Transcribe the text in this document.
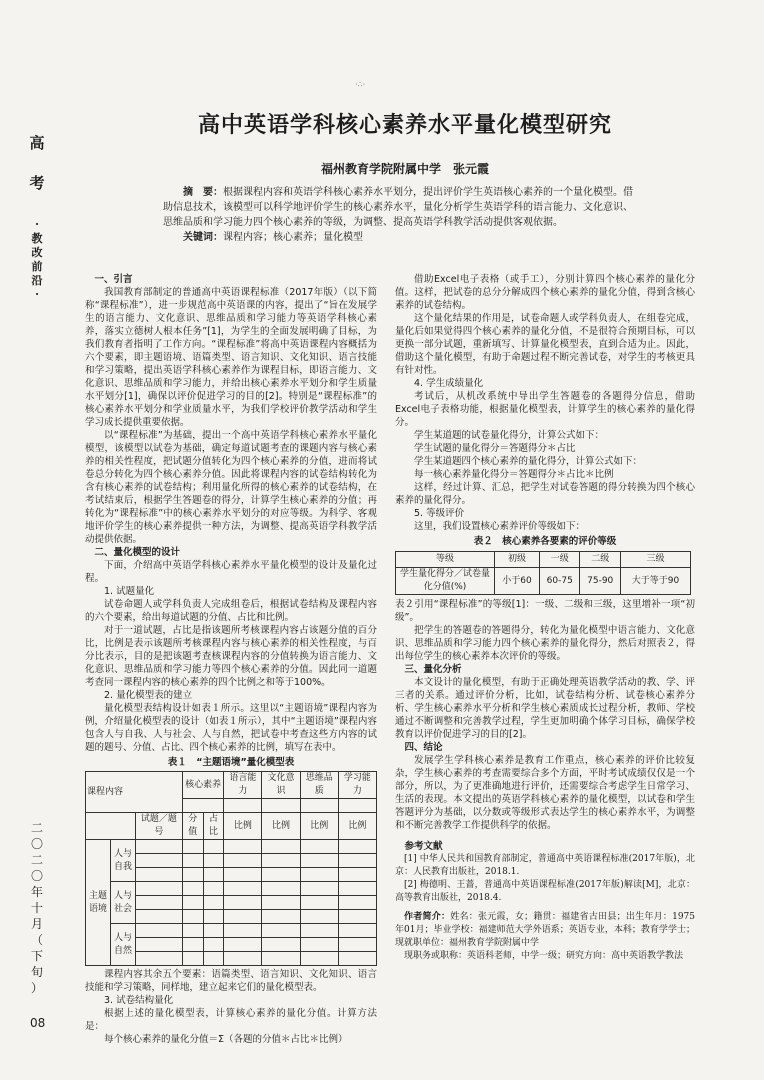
高
考
·
教
改
前
沿
·
二
〇
二
〇
年
十
月
（
下
旬
）
08
·∴·
高中英语学科核心素养水平量化模型研究
福州教育学院附属中学　张元霞
摘　要：根据课程内容和英语学科核心素养水平划分，提出评价学生英语核心素养的一个量化模型。借助信息技术，该模型可以科学地评价学生的核心素养水平，量化分析学生英语学科的语言能力、文化意识、思维品质和学习能力四个核心素养的等级，为调整、提高英语学科教学活动提供客观依据。
关键词：课程内容；核心素养；量化模型

一、引言

我国教育部制定的普通高中英语课程标准（2017年版）（以下简称“课程标准”），进一步规范高中英语课的内容，提出了“旨在发展学生的语言能力、文化意识、思维品质和学习能力等英语学科核心素养，落实立德树人根本任务”[1]，为学生的全面发展明确了目标，为我们教育者指明了工作方向。“课程标准”将高中英语课程内容概括为六个要素，即主题语境、语篇类型、语言知识、文化知识、语言技能和学习策略，提出英语学科核心素养作为课程目标，即语言能力、文化意识、思维品质和学习能力，并给出核心素养水平划分和学生质量水平划分[1]，确保以评价促进学习的目的[2]。特别是“课程标准”的核心素养水平划分和学业质量水平，为我们学校评价教学活动和学生学习成长提供重要依据。

以“课程标准”为基础，提出一个高中英语学科核心素养水平量化模型，该模型以试卷为基础，确定每道试题考查的课题内容与核心素养的相关性程度，把试题分值转化为四个核心素养的分值，进而将试卷总分转化为四个核心素养分值。因此将课程内容的试卷结构转化为含有核心素养的试卷结构；利用量化所得的核心素养的试卷结构，在考试结束后，根据学生答题卷的得分，计算学生核心素养的分值；再转化为“课程标准”中的核心素养水平划分的对应等级。为科学、客观地评价学生的核心素养提供一种方法，为调整、提高英语学科教学活动提供依据。

二、量化模型的设计

下面，介绍高中英语学科核心素养水平量化模型的设计及量化过程。

1. 试题量化

试卷命题人或学科负责人完成组卷后，根据试卷结构及课程内容的六个要素，给出每道试题的分值、占比和比例。

对于一道试题，占比是指该题所考核课程内容占该题分值的百分比，比例是表示该题所考核课程内容与核心素养的相关性程度，与百分比表示，目的是把该题考查核课程内容的分值转换为语言能力、文化意识、思维品质和学习能力等四个核心素养的分值。因此同一道题考查同一课程内容的核心素养的四个比例之和等于100%。

2. 量化模型表的建立

量化模型表结构设计如表１所示。这里以“主题语境”课程内容为例，介绍量化模型表的设计（如表１所示），其中“主题语境”课程内容包含人与自我、人与社会、人与自然，把试卷中考查这些方内容的试题的题号、分值、占比、四个核心素养的比例，填写在表中。

表１　“主题语境”量化模型表

课程内容			核心素养		语言能力	文化意识	思维品质	学习能力

		试题／题号	分值	占比	比例	比例	比例	比例
主题语境	人与自我							

	人与社会							

	人与自然							

课程内容其余五个要素：语篇类型、语言知识、文化知识、语言技能和学习策略，同样地，建立起来它们的量化模型表。

3. 试卷结构量化

根据上述的量化模型表，计算核心素养的量化分值。计算方法是：

每个核心素养的量化分值＝Σ（各题的分值＊占比＊比例）

借助Excel电子表格（或手工），分别计算四个核心素养的量化分值。这样，把试卷的总分分解成四个核心素养的量化分值，得到含核心素养的试卷结构。

这个量化结果的作用是，试卷命题人或学科负责人，在组卷完成，量化后如果觉得四个核心素养的量化分值，不是很符合预期目标，可以更换一部分试题，重新填写、计算量化模型表，直到合适为止。因此，借助这个量化模型，有助于命题过程不断完善试卷，对学生的考核更具有针对性。

4. 学生成绩量化

考试后，从机改系统中导出学生答题卷的各题得分信息，借助Excel电子表格功能，根据量化模型表，计算学生的核心素养的量化得分。

学生某道题的试卷量化得分，计算公式如下：

学生试题的量化得分＝答题得分＊占比

学生某道题四个核心素养的量化得分，计算公式如下：

每一核心素养量化得分＝答题得分＊占比＊比例

这样，经过计算、汇总，把学生对试卷答题的得分转换为四个核心素养的量化得分。

5. 等级评价

这里，我们设置核心素养评价等级如下：

表２　核心素养各要素的评价等级

等级	初级	一级	二级	三级
学生量化得分／试卷量化分值(%)	小于60	60-75	75-90	大于等于90

表２引用“课程标准”的等级[1]：一级、二级和三级，这里增补一项“初级”。

把学生的答题卷的答题得分，转化为量化模型中语言能力、文化意识、思维品质和学习能力四个核心素养的量化得分，然后对照表２，得出每位学生的核心素养本次评价的等级。

三、量化分析

本文设计的量化模型，有助于正确处理英语教学活动的教、学、评三者的关系。通过评价分析，比如，试卷结构分析、试卷核心素养分析、学生核心素养水平分析和学生核心素质成长过程分析，教师、学校通过不断调整和完善教学过程，学生更加明确个体学习目标，确保学校教育以评价促进学习的目的[2]。

四、结论

发展学生学科核心素养是教育工作重点，核心素养的评价比较复杂，学生核心素养的考查需要综合多个方面，平时考试成绩仅仅是一个部分，所以，为了更准确地进行评价，还需要综合考虑学生日常学习、生活的表现。本文提出的英语学科核心素养的量化模型，以试卷和学生答题评分为基础，以分数或等级形式表达学生的核心素养水平，为调整和不断完善教学工作提供科学的依据。

参考文献

[1] 中华人民共和国教育部制定，普通高中英语课程标准(2017年版)，北京：人民教育出版社，2018.1.

[2] 梅德明、王蔷，普通高中英语课程标准(2017年版)解读[M]，北京：高等教育出版社，2018.4.

作者简介：姓名：张元霞，女；籍贯：福建省古田县；出生年月：1975年01月；毕业学校：福建师范大学外语系；英语专业，本科；教育学学士；现就职单位：福州教育学院附属中学

现职务或职称：英语科老师，中学一级；研究方向：高中英语教学教法
